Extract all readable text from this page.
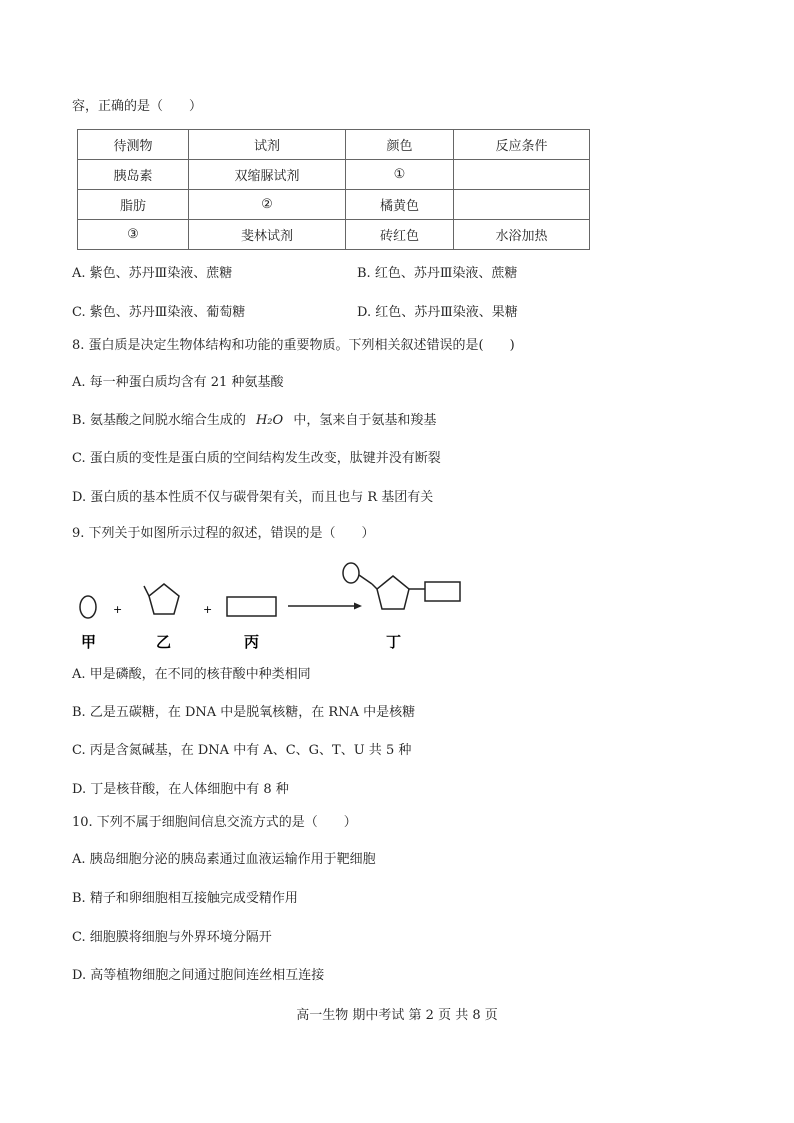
容，正确的是（　　）
待测物	试剂	颜色	反应条件
胰岛素	双缩脲试剂	①	
脂肪	②	橘黄色	
③	斐林试剂	砖红色	水浴加热
A. 紫色、苏丹Ⅲ染液、蔗糖	B. 红色、苏丹Ⅲ染液、蔗糖
C. 紫色、苏丹Ⅲ染液、葡萄糖	D. 红色、苏丹Ⅲ染液、果糖
8. 蛋白质是决定生物体结构和功能的重要物质。下列相关叙述错误的是(　　)
A. 每一种蛋白质均含有 21 种氨基酸
B. 氨基酸之间脱水缩合生成的 H₂O 中，氢来自于氨基和羧基
C. 蛋白质的变性是蛋白质的空间结构发生改变，肽键并没有断裂
D. 蛋白质的基本性质不仅与碳骨架有关，而且也与 R 基团有关
9. 下列关于如图所示过程的叙述，错误的是（　　）
+	+
甲	乙	丙	丁
A. 甲是磷酸，在不同的核苷酸中种类相同
B. 乙是五碳糖，在 DNA 中是脱氧核糖，在 RNA 中是核糖
C. 丙是含氮碱基，在 DNA 中有 A、C、G、T、U 共 5 种
D. 丁是核苷酸，在人体细胞中有 8 种
10. 下列不属于细胞间信息交流方式的是（　　）
A. 胰岛细胞分泌的胰岛素通过血液运输作用于靶细胞
B. 精子和卵细胞相互接触完成受精作用
C. 细胞膜将细胞与外界环境分隔开
D. 高等植物细胞之间通过胞间连丝相互连接
高一生物 期中考试 第 2 页 共 8 页
